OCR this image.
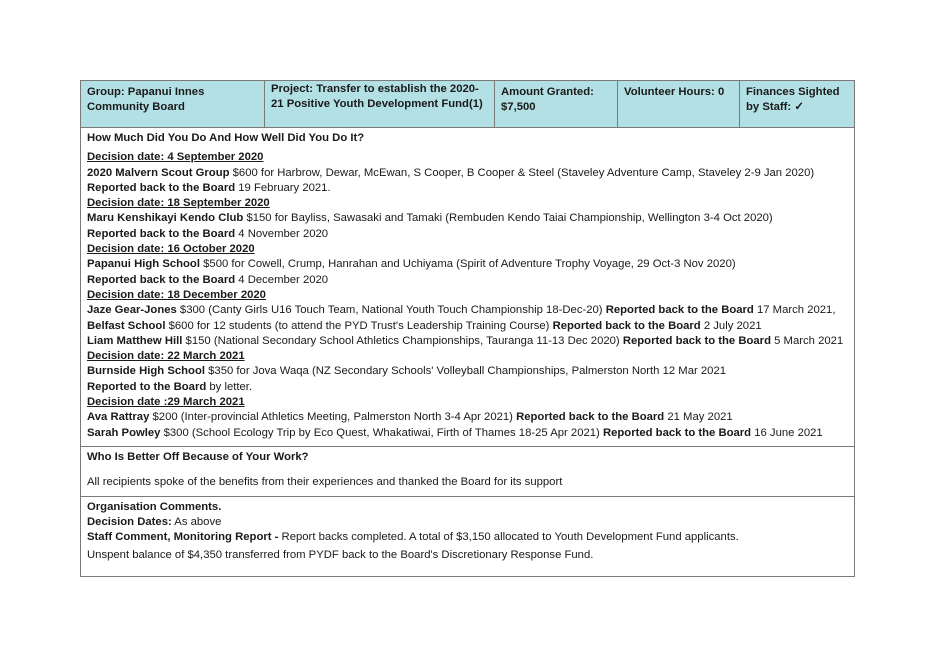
Group: Papanui Innes Community Board
Project: Transfer to establish the 2020-21 Positive Youth Development Fund(1)
Amount Granted:
$7,500
Volunteer Hours: 0	Finances Sighted by Staff: ✓
How Much Did You Do And How Well Did You Do It?
Decision date: 4 September 2020
2020 Malvern Scout Group $600 for Harbrow, Dewar, McEwan, S Cooper, B Cooper & Steel (Staveley Adventure Camp, Staveley 2-9 Jan 2020)
Reported back to the Board 19 February 2021.
Decision date: 18 September 2020
Maru Kenshikayi Kendo Club $150 for Bayliss, Sawasaki and Tamaki (Rembuden Kendo Taiai Championship, Wellington 3-4 Oct 2020)
Reported back to the Board 4 November 2020
Decision date: 16 October 2020
Papanui High School $500 for Cowell, Crump, Hanrahan and Uchiyama (Spirit of Adventure Trophy Voyage, 29 Oct-3 Nov 2020)
Reported back to the Board 4 December 2020
Decision date: 18 December 2020
Jaze Gear-Jones $300 (Canty Girls U16 Touch Team, National Youth Touch Championship 18-Dec-20) Reported back to the Board 17 March 2021,
Belfast School $600 for 12 students (to attend the PYD Trust's Leadership Training Course) Reported back to the Board 2 July 2021
Liam Matthew Hill $150 (National Secondary School Athletics Championships, Tauranga 11-13 Dec 2020) Reported back to the Board 5 March 2021
Decision date: 22 March 2021
Burnside High School $350 for Jova Waqa (NZ Secondary Schools' Volleyball Championships, Palmerston North 12 Mar 2021
Reported to the Board by letter.
Decision date :29 March 2021
Ava Rattray $200 (Inter-provincial Athletics Meeting, Palmerston North 3-4 Apr 2021) Reported back to the Board 21 May 2021
Sarah Powley $300 (School Ecology Trip by Eco Quest, Whakatiwai, Firth of Thames 18-25 Apr 2021) Reported back to the Board 16 June 2021
Who Is Better Off Because of Your Work?
All recipients spoke of the benefits from their experiences and thanked the Board for its support
Organisation Comments.
Decision Dates: As above
Staff Comment, Monitoring Report - Report backs completed. A total of $3,150 allocated to Youth Development Fund applicants.
Unspent balance of $4,350 transferred from PYDF back to the Board's Discretionary Response Fund.
